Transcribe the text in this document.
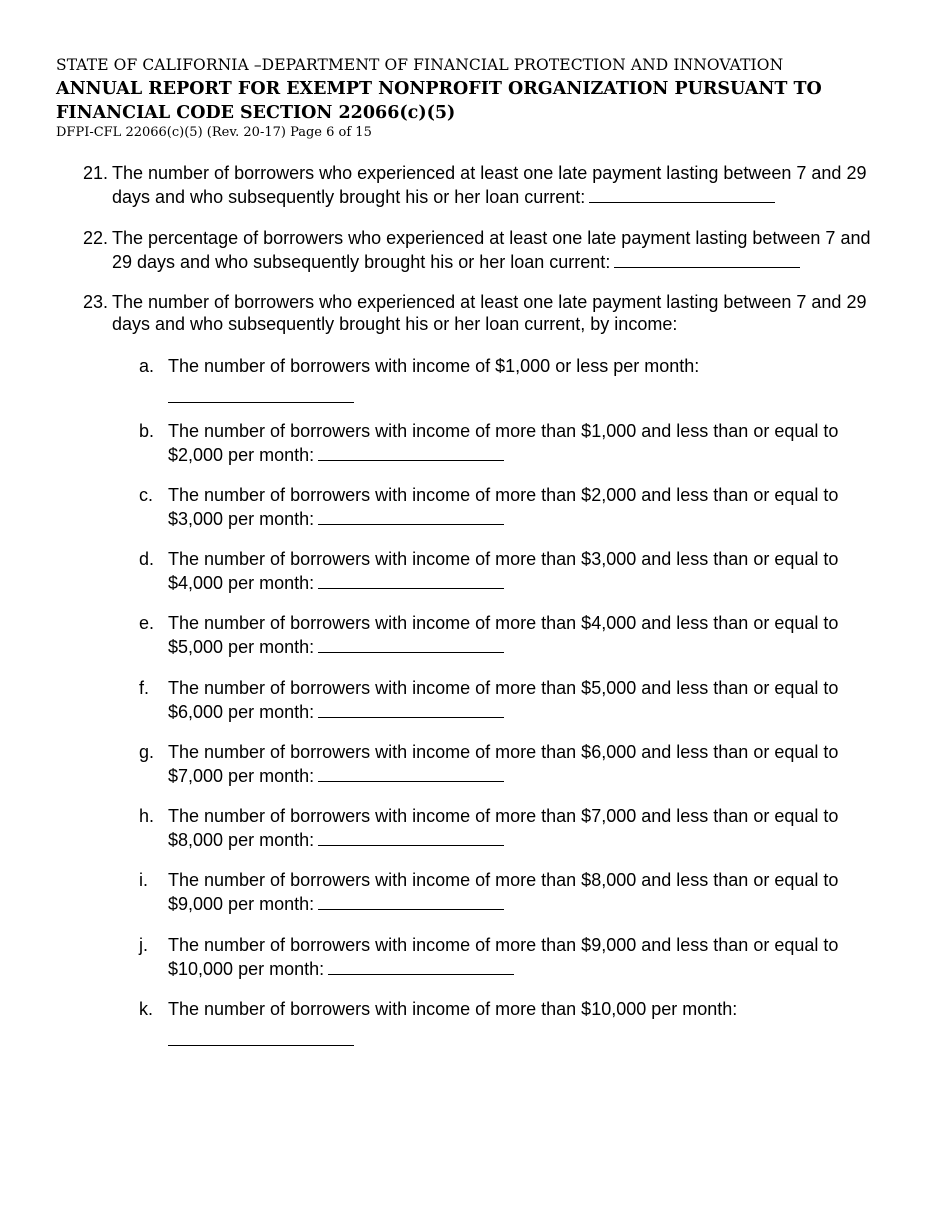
STATE OF CALIFORNIA –DEPARTMENT OF FINANCIAL PROTECTION AND INNOVATION
ANNUAL REPORT FOR EXEMPT NONPROFIT ORGANIZATION PURSUANT TO FINANCIAL CODE SECTION 22066(c)(5)
DFPI-CFL 22066(c)(5) (Rev. 20-17) Page 6 of 15
21. The number of borrowers who experienced at least one late payment lasting between 7 and 29 days and who subsequently brought his or her loan current:
22. The percentage of borrowers who experienced at least one late payment lasting between 7 and 29 days and who subsequently brought his or her loan current:
23. The number of borrowers who experienced at least one late payment lasting between 7 and 29 days and who subsequently brought his or her loan current, by income:
a. The number of borrowers with income of $1,000 or less per month:
b. The number of borrowers with income of more than $1,000 and less than or equal to $2,000 per month:
c. The number of borrowers with income of more than $2,000 and less than or equal to $3,000 per month:
d. The number of borrowers with income of more than $3,000 and less than or equal to $4,000 per month:
e. The number of borrowers with income of more than $4,000 and less than or equal to $5,000 per month:
f. The number of borrowers with income of more than $5,000 and less than or equal to $6,000 per month:
g. The number of borrowers with income of more than $6,000 and less than or equal to $7,000 per month:
h. The number of borrowers with income of more than $7,000 and less than or equal to $8,000 per month:
i. The number of borrowers with income of more than $8,000 and less than or equal to $9,000 per month:
j. The number of borrowers with income of more than $9,000 and less than or equal to $10,000 per month:
k. The number of borrowers with income of more than $10,000 per month:
